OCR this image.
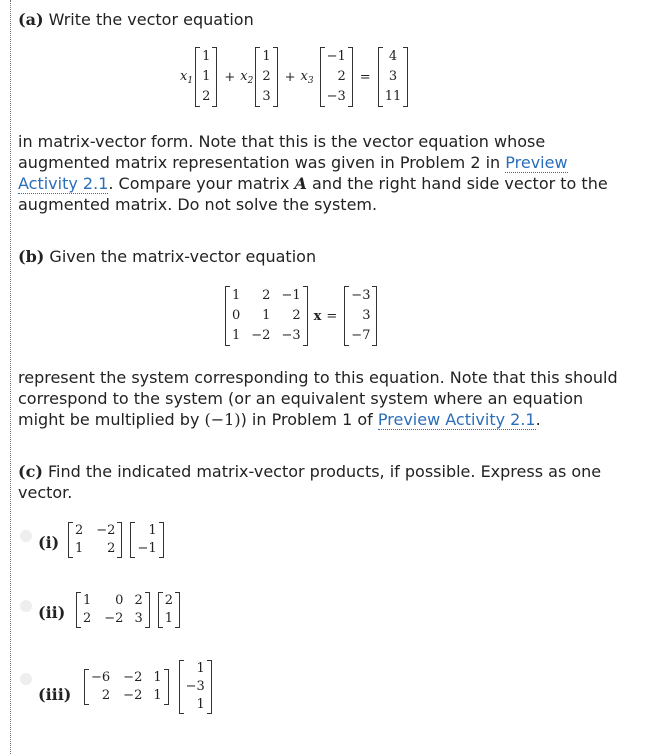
(a) Write the vector equation
$x_1$
1
1
2
+ $x_2$
1
2
3
+ $x_3$
−1
2
−3
=
4
3
11
in matrix-vector form. Note that this is the vector equation whose augmented matrix representation was given in Problem 2 in Preview Activity 2.1. Compare your matrix A and the right hand side vector to the augmented matrix. Do not solve the system.
(b) Given the matrix-vector equation
1
0
1
2
1
−2
−1
2
−3
x =
−3
3
−7
represent the system corresponding to this equation. Note that this should correspond to the system (or an equivalent system where an equation might be multiplied by (−1)) in Problem 1 of Preview Activity 2.1.
(c) Find the indicated matrix-vector products, if possible. Express as one vector.
(i)
2
1
−2
2
1
−1
(ii)
1
2
0
−2
2
3
2
1
(iii)
−6
2
−2
−2
1
1
1
−3
1
